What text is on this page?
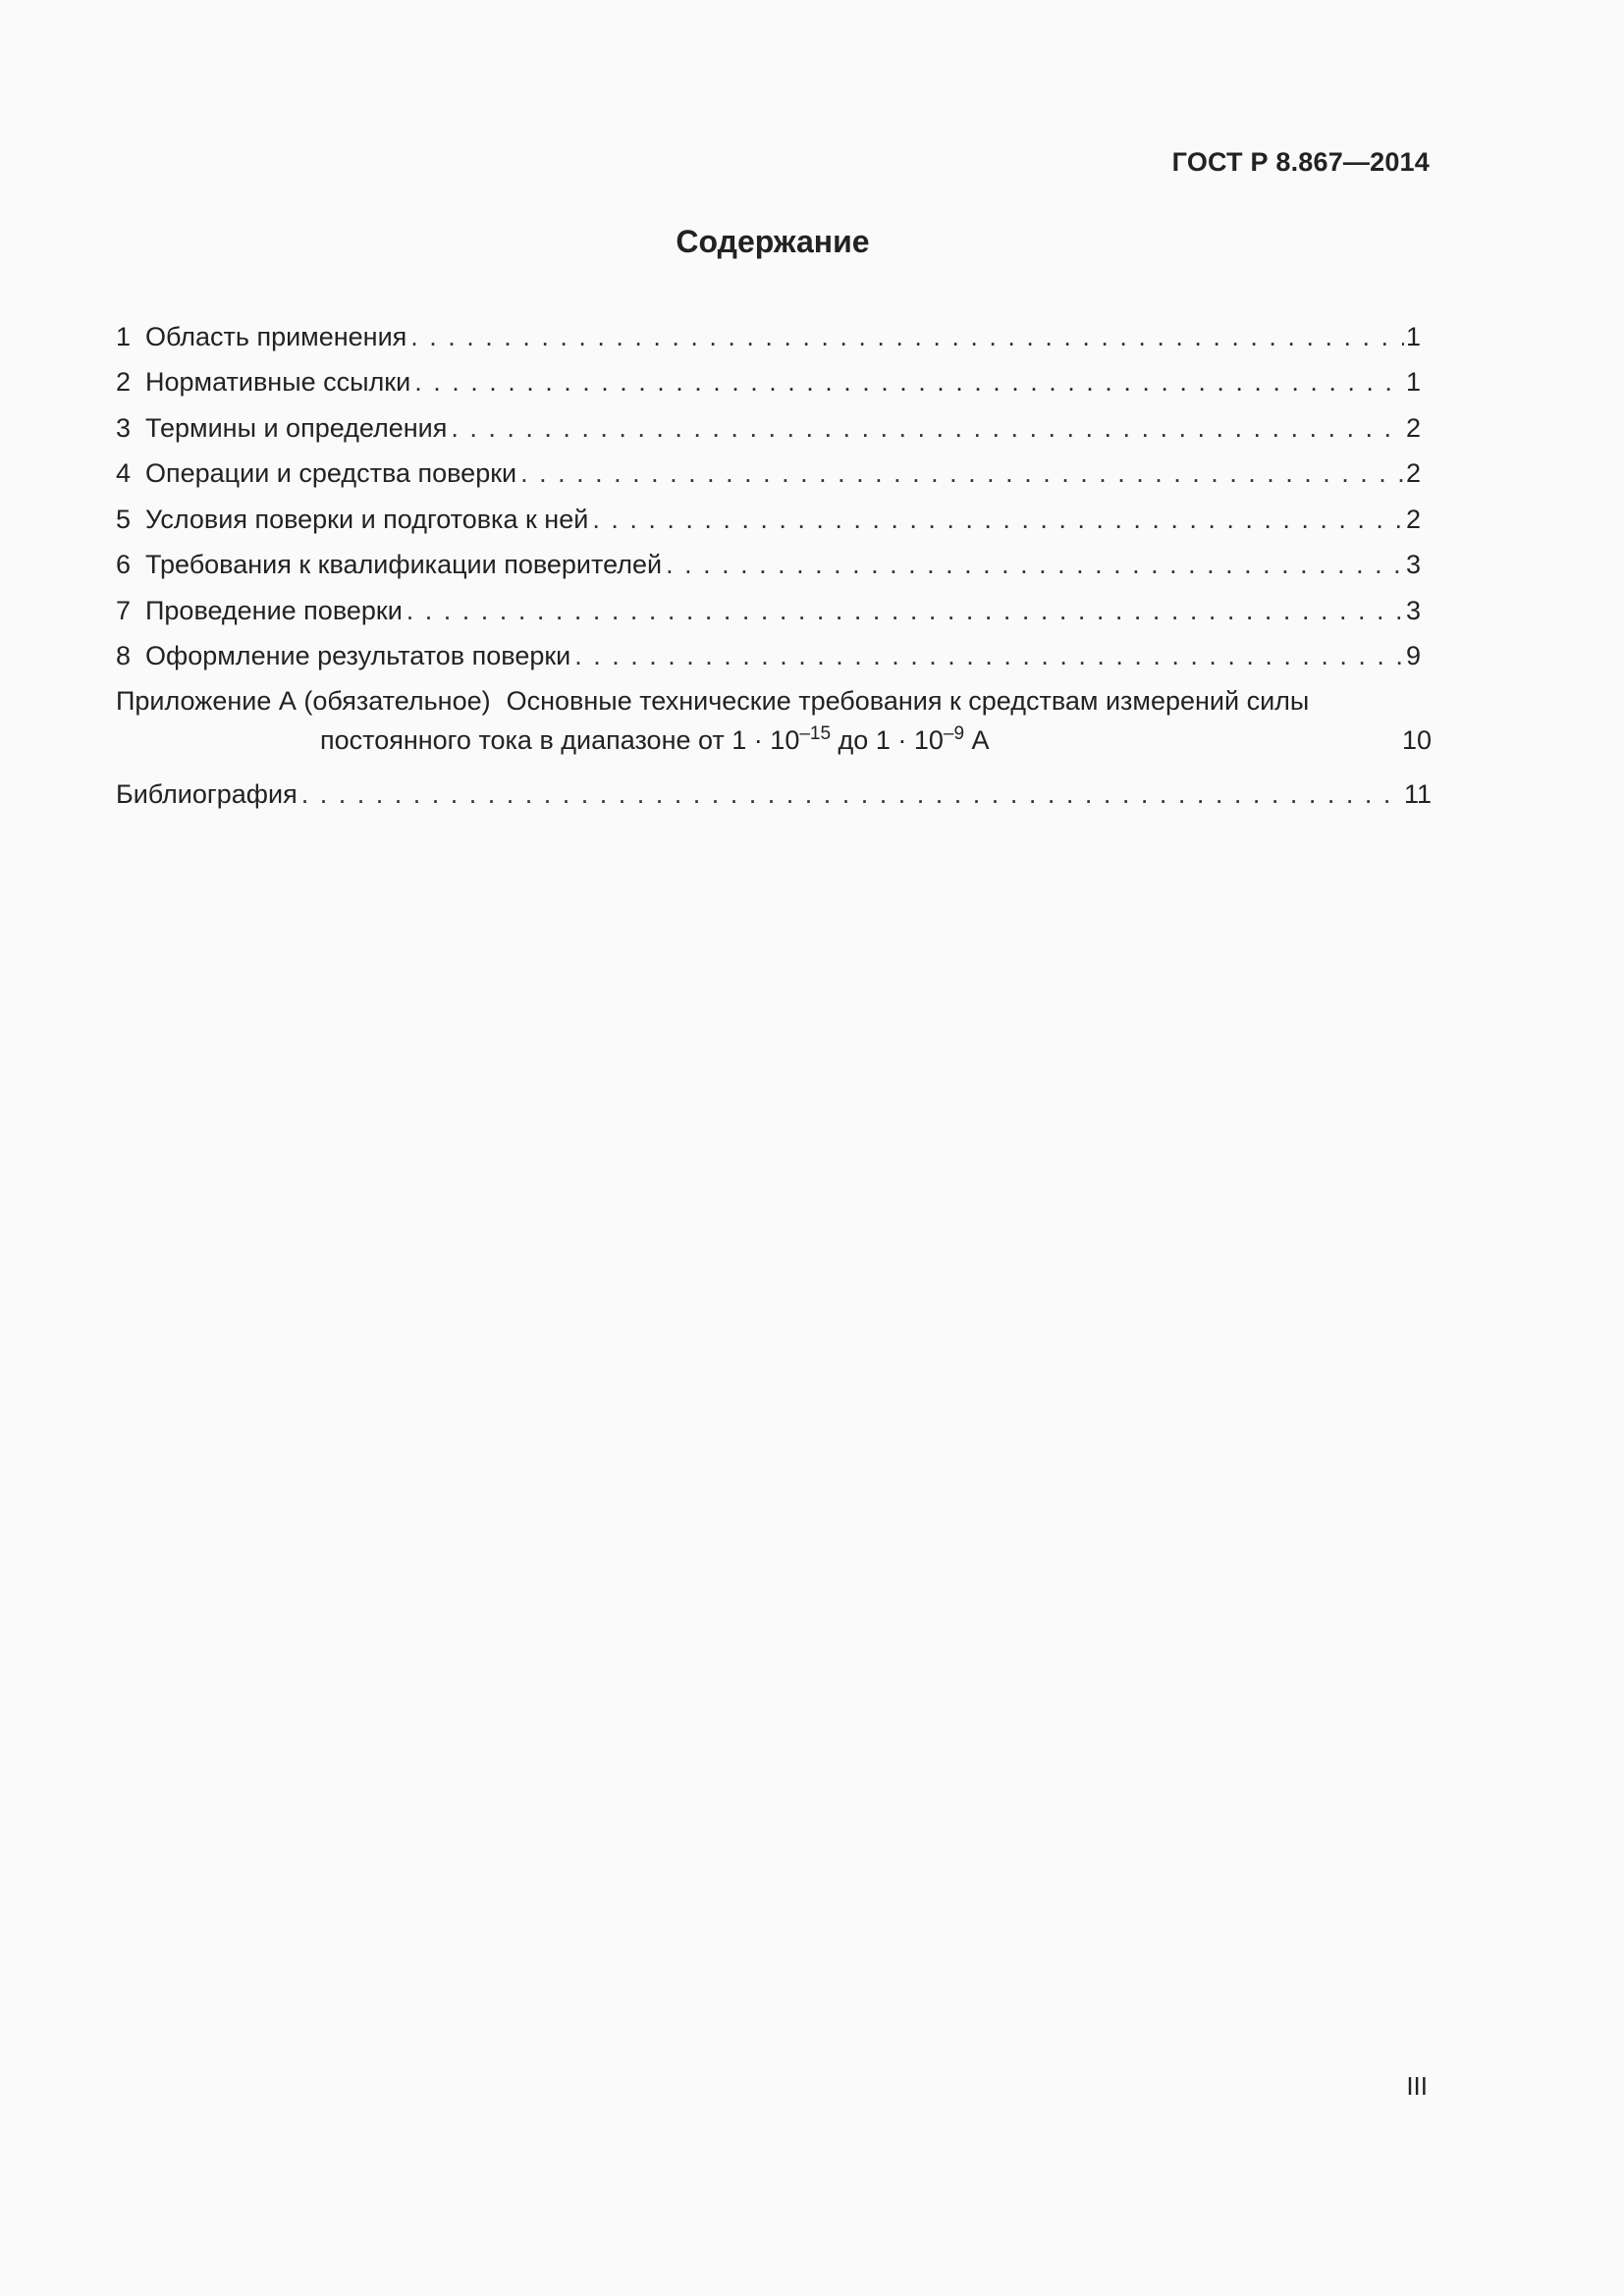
ГОСТ Р 8.867—2014
Содержание
1 Область применения . . .	1
2 Нормативные ссылки . . .	1
3 Термины и определения . . .	2
4 Операции и средства поверки . . .	2
5 Условия поверки и подготовка к ней . . .	2
6 Требования к квалификации поверителей . . .	3
7 Проведение поверки . . .	3
8 Оформление результатов поверки . . .	9
Приложение А (обязательное) Основные технические требования к средствам измерений силы
постоянного тока в диапазоне от $1 \cdot 10^{-15}$ до $1 \cdot 10^{-9}$ А	10
Библиография . . .	11
III
